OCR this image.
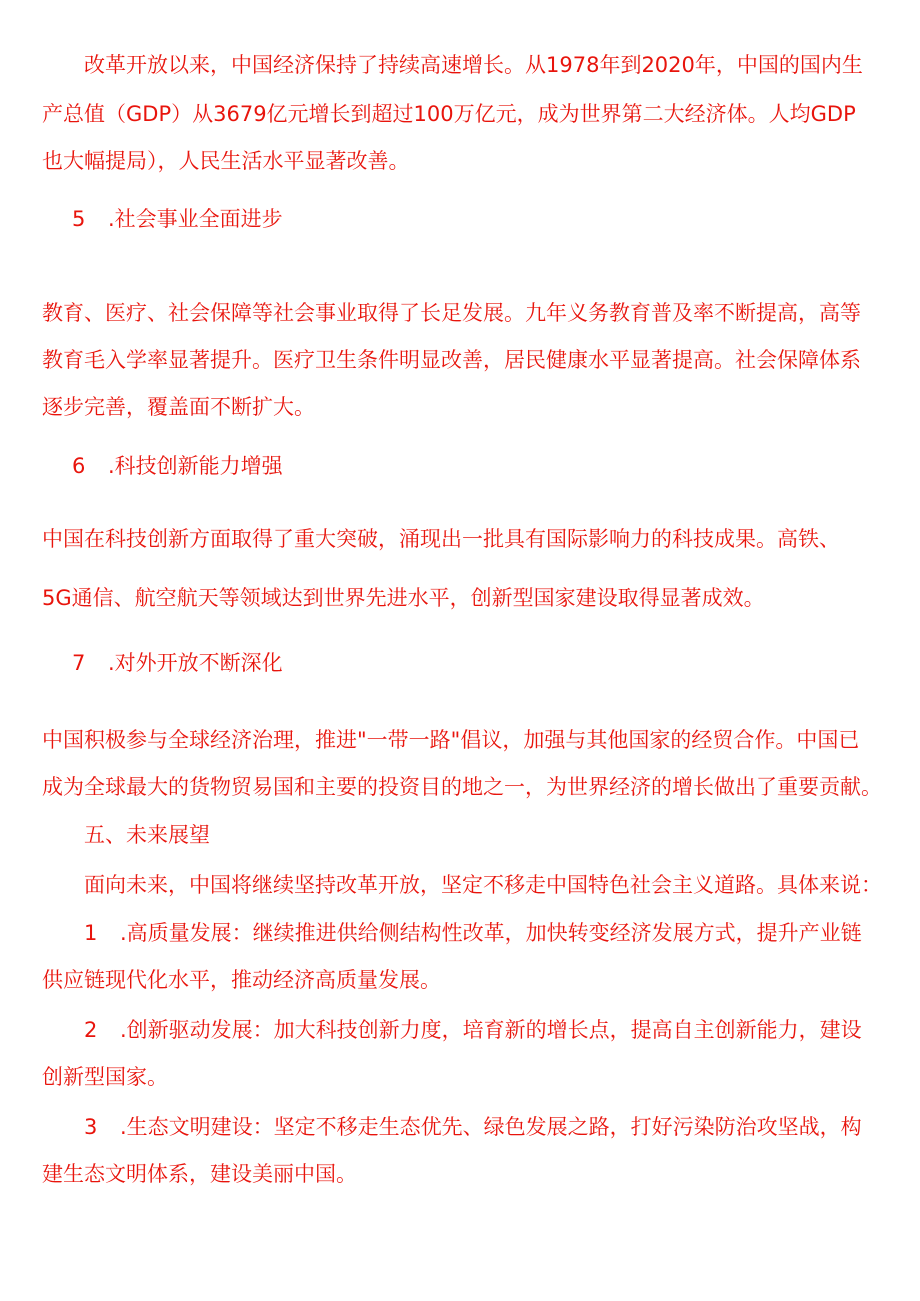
改革开放以来，中国经济保持了持续高速增长。从1978年到2020年，中国的国内生
产总值（GDP）从3679亿元增长到超过100万亿元，成为世界第二大经济体。人均GDP
也大幅提局），人民生活水平显著改善。
5 .社会事业全面进步
教育、医疗、社会保障等社会事业取得了长足发展。九年义务教育普及率不断提高，高等
教育毛入学率显著提升。医疗卫生条件明显改善，居民健康水平显著提高。社会保障体系
逐步完善，覆盖面不断扩大。
6 .科技创新能力增强
中国在科技创新方面取得了重大突破，涌现出一批具有国际影响力的科技成果。高铁、
5G通信、航空航天等领域达到世界先进水平，创新型国家建设取得显著成效。
7 .对外开放不断深化
中国积极参与全球经济治理，推进"一带一路"倡议，加强与其他国家的经贸合作。中国已
成为全球最大的货物贸易国和主要的投资目的地之一，为世界经济的增长做出了重要贡献。
五、未来展望
面向未来，中国将继续坚持改革开放，坚定不移走中国特色社会主义道路。具体来说：
1 .高质量发展：继续推进供给侧结构性改革，加快转变经济发展方式，提升产业链
供应链现代化水平，推动经济高质量发展。
2 .创新驱动发展：加大科技创新力度，培育新的增长点，提高自主创新能力，建设
创新型国家。
3 .生态文明建设：坚定不移走生态优先、绿色发展之路，打好污染防治攻坚战，构
建生态文明体系，建设美丽中国。
